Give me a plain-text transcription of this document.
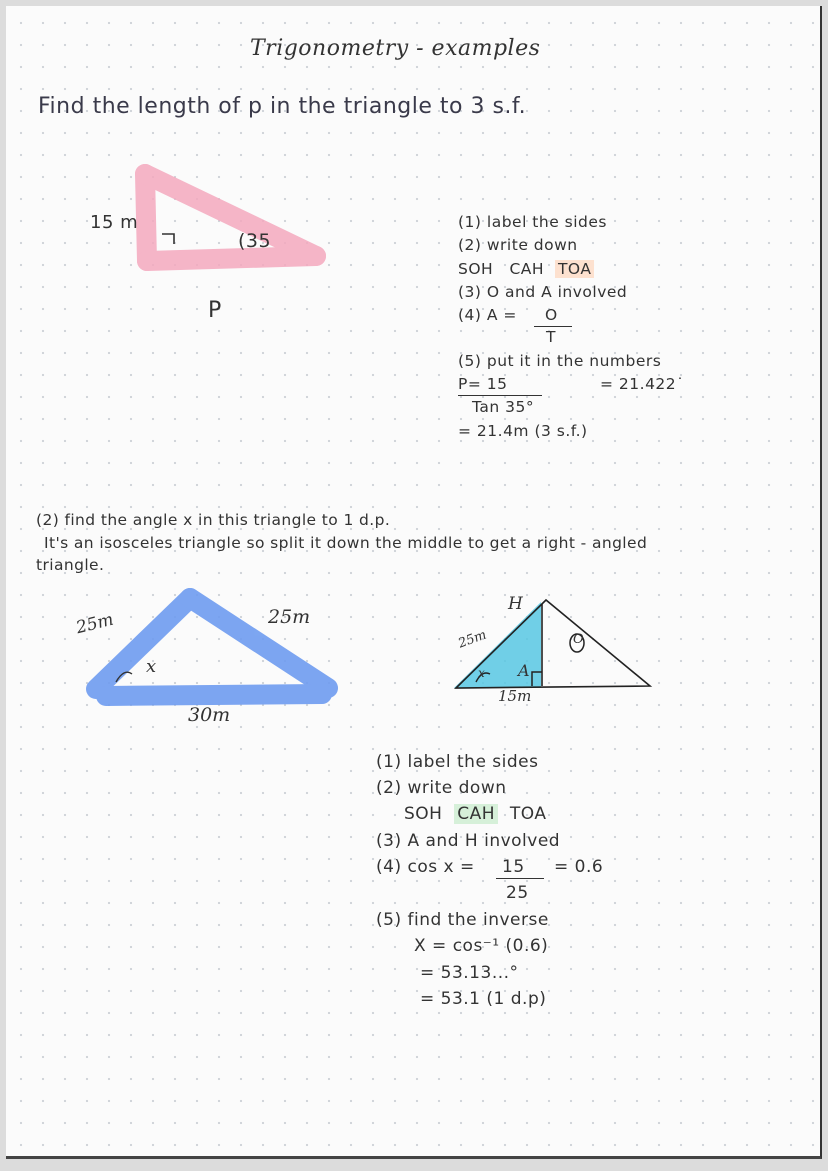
Trigonometry - examples
Find the length of p in the triangle to 3 s.f.
15 m
(35
P
(1) label the sides
(2) write down
SOH CAH TOA
(3) O and A involved
(4) A = O
T
(5) put it in the numbers
P= 15	= 21.422˙
Tan 35°
= 21.4m (3 s.f.)
(2) find the angle x in this triangle to 1 d.p.
It's an isosceles triangle so split it down the middle to get a right - angled
triangle.
25m	25m
30m
x
H
25m	O
A
15m
x
(1) label the sides
(2) write down
SOH CAH TOA
(3) A and H involved
(4) cos x = 15 = 0.6
25
(5) find the inverse
X = cos⁻¹ (0.6)
= 53.13...°
= 53.1 (1 d.p)
